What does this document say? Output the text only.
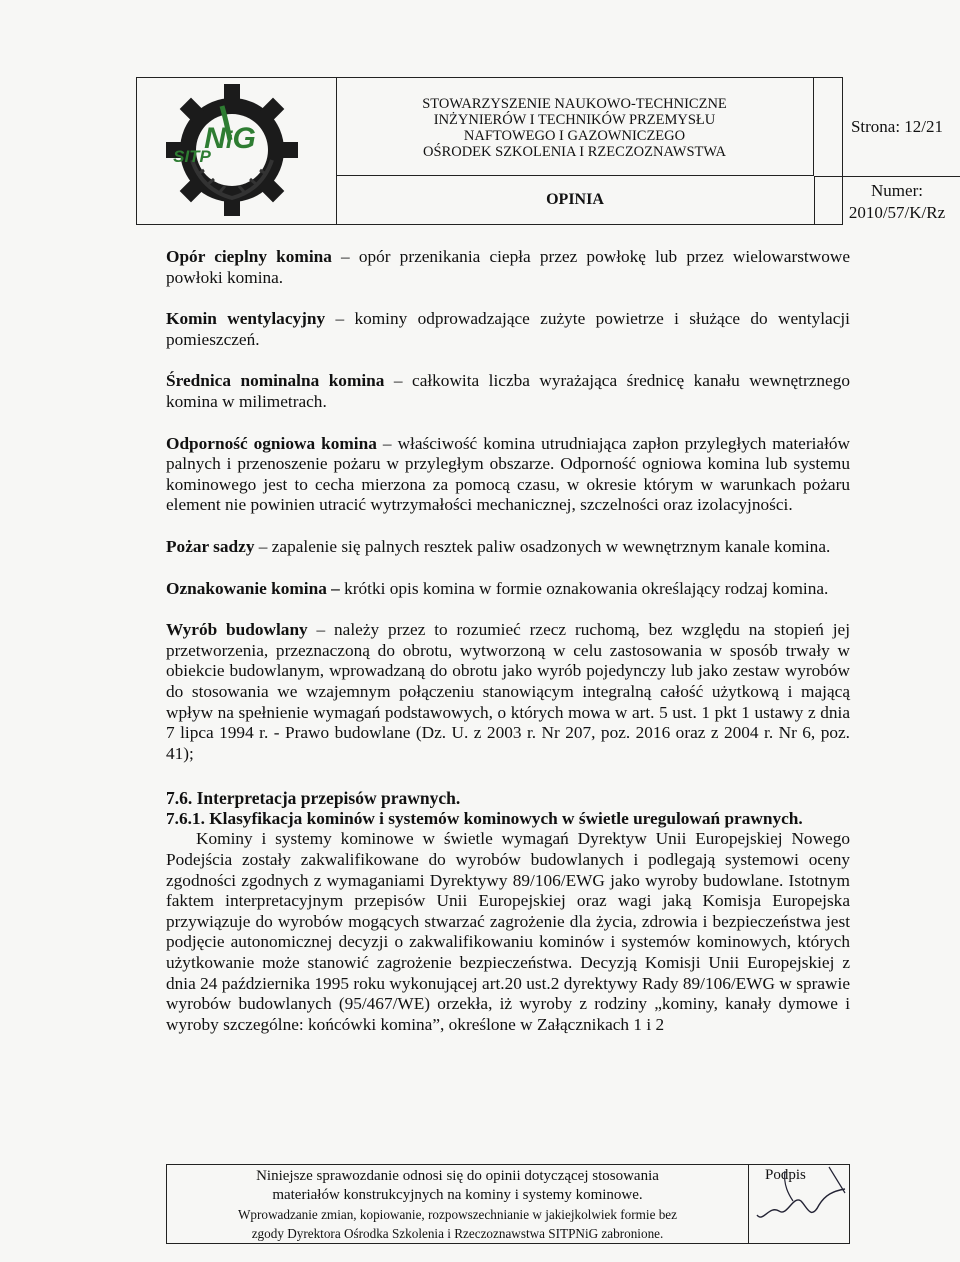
NiG
SITP
STOWARZYSZENIE NAUKOWO-TECHNICZNE
INŻYNIERÓW I TECHNIKÓW PRZEMYSŁU
NAFTOWEGO I GAZOWNICZEGO
OŚRODEK SZKOLENIA I RZECZOZNAWSTWA
OPINIA
Strona: 12/21
Numer:
2010/57/K/Rz

Opór cieplny komina – opór przenikania ciepła przez powłokę lub przez wielowarstwowe powłoki komina.

Komin wentylacyjny – kominy odprowadzające zużyte powietrze i służące do wentylacji pomieszczeń.

Średnica nominalna komina – całkowita liczba wyrażająca średnicę kanału wewnętrznego komina w milimetrach.

Odporność ogniowa komina – właściwość komina utrudniająca zapłon przyległych materiałów palnych i przenoszenie pożaru w przyległym obszarze. Odporność ogniowa komina lub systemu kominowego jest to cecha mierzona za pomocą czasu, w okresie którym w warunkach pożaru element nie powinien utracić wytrzymałości mechanicznej, szczelności oraz izolacyjności.

Pożar sadzy – zapalenie się palnych resztek paliw osadzonych w wewnętrznym kanale komina.

Oznakowanie komina – krótki opis komina w formie oznakowania określający rodzaj komina.

Wyrób budowlany – należy przez to rozumieć rzecz ruchomą, bez względu na stopień jej przetworzenia, przeznaczoną do obrotu, wytworzoną w celu zastosowania w sposób trwały w obiekcie budowlanym, wprowadzaną do obrotu jako wyrób pojedynczy lub jako zestaw wyrobów do stosowania we wzajemnym połączeniu stanowiącym integralną całość użytkową i mającą wpływ na spełnienie wymagań podstawowych, o których mowa w art. 5 ust. 1 pkt 1 ustawy z dnia 7 lipca 1994 r. - Prawo budowlane (Dz. U. z 2003 r. Nr 207, poz. 2016 oraz z 2004 r. Nr 6, poz. 41);

7.6. Interpretacja przepisów prawnych.

7.6.1. Klasyfikacja kominów i systemów kominowych w świetle uregulowań prawnych.

Kominy i systemy kominowe w świetle wymagań Dyrektyw Unii Europejskiej Nowego Podejścia zostały zakwalifikowane do wyrobów budowlanych i podlegają systemowi oceny zgodności zgodnych z wymaganiami Dyrektywy 89/106/EWG jako wyroby budowlane. Istotnym faktem interpretacyjnym przepisów Unii Europejskiej oraz wagi jaką Komisja Europejska przywiązuje do wyrobów mogących stwarzać zagrożenie dla życia, zdrowia i bezpieczeństwa jest podjęcie autonomicznej decyzji o zakwalifikowaniu kominów i systemów kominowych, których użytkowanie może stanowić zagrożenie bezpieczeństwa. Decyzją Komisji Unii Europejskiej z dnia 24 października 1995 roku wykonującej art.20 ust.2 dyrektywy Rady 89/106/EWG w sprawie wyrobów budowlanych (95/467/WE) orzekła, iż wyroby z rodziny „kominy, kanały dymowe i wyroby szczególne: końcówki komina”, określone w Załącznikach 1 i 2

Niniejsze sprawozdanie odnosi się do opinii dotyczącej stosowania
materiałów konstrukcyjnych na kominy i systemy kominowe.
Wprowadzanie zmian, kopiowanie, rozpowszechnianie w jakiejkolwiek formie bez
zgody Dyrektora Ośrodka Szkolenia i Rzeczoznawstwa SITPNiG zabronione.
Podpis
